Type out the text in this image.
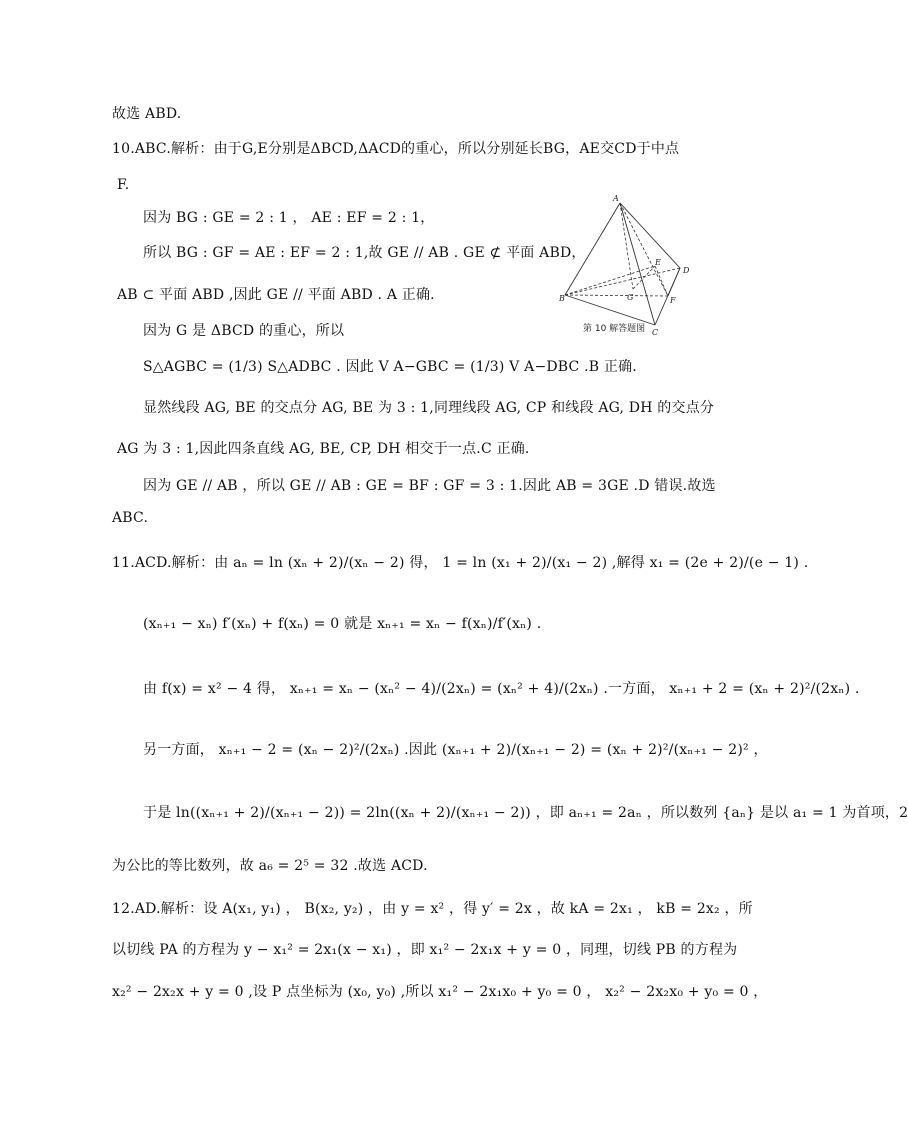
故选 ABD.
10.ABC.解析：由于G,E分别是ΔBCD,ΔACD的重心，所以分别延长BG，AE交CD于中点
F.
因为 BG : GE = 2 : 1 ， AE : EF = 2 : 1，
所以 BG : GF = AE : EF = 2 : 1,故 GE // AB . GE ⊄ 平面 ABD，
AB ⊂ 平面 ABD ,因此 GE // 平面 ABD . A 正确.
因为 G 是 ΔBCD 的重心，所以
S△AGBC = (1/3) S△ADBC . 因此 V A−GBC = (1/3) V A−DBC .B 正确.
显然线段 AG, BE 的交点分 AG, BE 为 3 : 1,同理线段 AG, CP 和线段 AG, DH 的交点分
AG 为 3 : 1,因此四条直线 AG, BE, CP, DH 相交于一点.C 正确.
因为 GE // AB ，所以 GE // AB : GE = BF : GF = 3 : 1.因此 AB = 3GE .D 错误.故选
ABC.
11.ACD.解析：由 aₙ = ln (xₙ + 2)/(xₙ − 2) 得， 1 = ln (x₁ + 2)/(x₁ − 2) ,解得 x₁ = (2e + 2)/(e − 1) .
(xₙ₊₁ − xₙ) f′(xₙ) + f(xₙ) = 0 就是 xₙ₊₁ = xₙ − f(xₙ)/f′(xₙ) .
由 f(x) = x² − 4 得， xₙ₊₁ = xₙ − (xₙ² − 4)/(2xₙ) = (xₙ² + 4)/(2xₙ) .一方面， xₙ₊₁ + 2 = (xₙ + 2)²/(2xₙ) .
另一方面， xₙ₊₁ − 2 = (xₙ − 2)²/(2xₙ) .因此 (xₙ₊₁ + 2)/(xₙ₊₁ − 2) = (xₙ + 2)²/(xₙ₊₁ − 2)² ，
于是 ln((xₙ₊₁ + 2)/(xₙ₊₁ − 2)) = 2ln((xₙ + 2)/(xₙ₊₁ − 2)) ，即 aₙ₊₁ = 2aₙ ，所以数列 {aₙ} 是以 a₁ = 1 为首项，2
为公比的等比数列，故 a₆ = 2⁵ = 32 .故选 ACD.
12.AD.解析：设 A(x₁, y₁) ， B(x₂, y₂) ，由 y = x² ，得 y′ = 2x ，故 kA = 2x₁ ， kB = 2x₂ ，所
以切线 PA 的方程为 y − x₁² = 2x₁(x − x₁) ，即 x₁² − 2x₁x + y = 0 ，同理，切线 PB 的方程为
x₂² − 2x₂x + y = 0 ,设 P 点坐标为 (x₀, y₀) ,所以 x₁² − 2x₁x₀ + y₀ = 0 ， x₂² − 2x₂x₀ + y₀ = 0 ，
A
B
C
D
E
F
G
第 10 解答题图
